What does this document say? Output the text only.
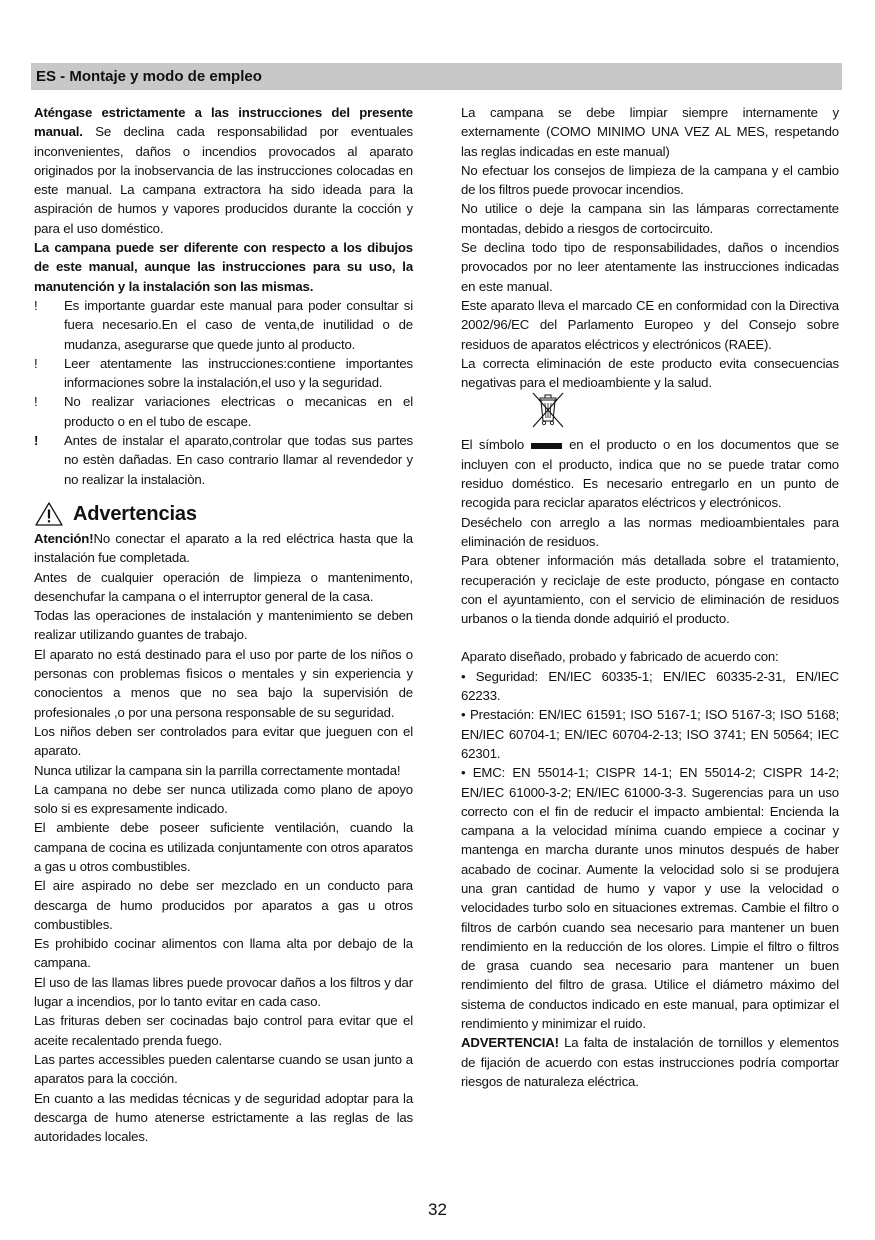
ES - Montaje y modo de empleo

Aténgase estrictamente a las instrucciones del presente manual. Se declina cada responsabilidad por eventuales inconvenientes, daños o incendios provocados al aparato originados por la inobservancia de las instrucciones colocadas en este manual. La campana extractora ha sido ideada para la aspiración de humos y vapores producidos durante la cocción y para el uso doméstico.

La campana puede ser diferente con respecto a los dibujos de este manual, aunque las instrucciones para su uso, la manutención y la instalación son las mismas.

! Es importante guardar este manual para poder consultar si fuera necesario.En el caso de venta,de inutilidad o de mudanza, asegurarse que quede junto al producto.
! Leer atentamente las instrucciones:contiene importantes informaciones sobre la instalación,el uso y la seguridad.
! No realizar variaciones electricas o mecanicas en el producto o en el tubo de escape.
! Antes de instalar el aparato,controlar que todas sus partes no estèn dañadas. En caso contrario llamar al revendedor y no realizar la instalaciòn.
Advertencias

Atención!No conectar el aparato a la red eléctrica hasta que la instalación fue completada.

Antes de cualquier operación de limpieza o mantenimento, desenchufar la campana o el interruptor general de la casa.

Todas las operaciones de instalación y mantenimiento se deben realizar utilizando guantes de trabajo.

El aparato no está destinado para el uso por parte de los niños o personas con problemas fìsicos o mentales y sin experiencia y conocientos a menos que no sea bajo la supervisión de profesionales ,o por una persona responsable de su seguridad.

Los niños deben ser controlados para evitar que jueguen con el aparato.

Nunca utilizar la campana sin la parrilla correctamente montada!

La campana no debe ser nunca utilizada como plano de apoyo solo si es expresamente indicado.

El ambiente debe poseer suficiente ventilación, cuando la campana de cocina es utilizada conjuntamente con otros aparatos a gas u otros combustibles.

El aire aspirado no debe ser mezclado en un conducto para descarga de humo producidos por aparatos a gas u otros combustibles.

Es prohibido cocinar alimentos con llama alta por debajo de la campana.

El uso de las llamas libres puede provocar daños a los filtros y dar lugar a incendios, por lo tanto evitar en cada caso.

Las frituras deben ser cocinadas bajo control para evitar que el aceite recalentado prenda fuego.

Las partes accessibles pueden calentarse cuando se usan junto a aparatos para la cocción.

En cuanto a las medidas técnicas y de seguridad adoptar para la descarga de humo atenerse estrictamente a las reglas de las autoridades locales.

La campana se debe limpiar siempre internamente y externamente (COMO MINIMO UNA VEZ AL MES, respetando las reglas indicadas en este manual)

No efectuar los consejos de limpieza de la campana y el cambio de los filtros puede provocar incendios.

No utilice o deje la campana sin las lámparas correctamente montadas, debido a riesgos de cortocircuito.

Se declina todo tipo de responsabilidades, daños o incendios provocados por no leer atentamente las instrucciones indicadas en este manual.

Este aparato lleva el marcado CE en conformidad con la Directiva 2002/96/EC del Parlamento Europeo y del Consejo sobre residuos de aparatos eléctricos y electrónicos (RAEE).

La correcta eliminación de este producto evita consecuencias negativas para el medioambiente y la salud.

El símbolo	en el producto o en los documentos que se incluyen con el producto, indica que no se puede tratar como residuo doméstico. Es necesario entregarlo en un punto de recogida para reciclar aparatos eléctricos y electrónicos.

Deséchelo con arreglo a las normas medioambientales para eliminación de residuos.

Para obtener información más detallada sobre el tratamiento, recuperación y reciclaje de este producto, póngase en contacto con el ayuntamiento, con el servicio de eliminación de residuos urbanos o la tienda donde adquirió el producto.

Aparato diseñado, probado y fabricado de acuerdo con:

• Seguridad: EN/IEC 60335-1; EN/IEC 60335-2-31, EN/IEC 62233.

• Prestación: EN/IEC 61591; ISO 5167-1; ISO 5167-3; ISO 5168; EN/IEC 60704-1; EN/IEC 60704-2-13; ISO 3741; EN 50564; IEC 62301.

• EMC: EN 55014-1; CISPR 14-1; EN 55014-2; CISPR 14-2; EN/IEC 61000-3-2; EN/IEC 61000-3-3. Sugerencias para un uso correcto con el fin de reducir el impacto ambiental: Encienda la campana a la velocidad mínima cuando empiece a cocinar y mantenga en marcha durante unos minutos después de haber acabado de cocinar. Aumente la velocidad solo si se produjera una gran cantidad de humo y vapor y use la velocidad o velocidades turbo solo en situaciones extremas. Cambie el filtro o filtros de carbón cuando sea necesario para mantener un buen rendimiento en la reducción de los olores. Limpie el filtro o filtros de grasa cuando sea necesario para mantener un buen rendimiento del filtro de grasa. Utilice el diámetro máximo del sistema de conductos indicado en este manual, para optimizar el rendimiento y minimizar el ruido.

ADVERTENCIA! La falta de instalación de tornillos y elementos de fijación de acuerdo con estas instrucciones podría comportar riesgos de naturaleza eléctrica.

32
